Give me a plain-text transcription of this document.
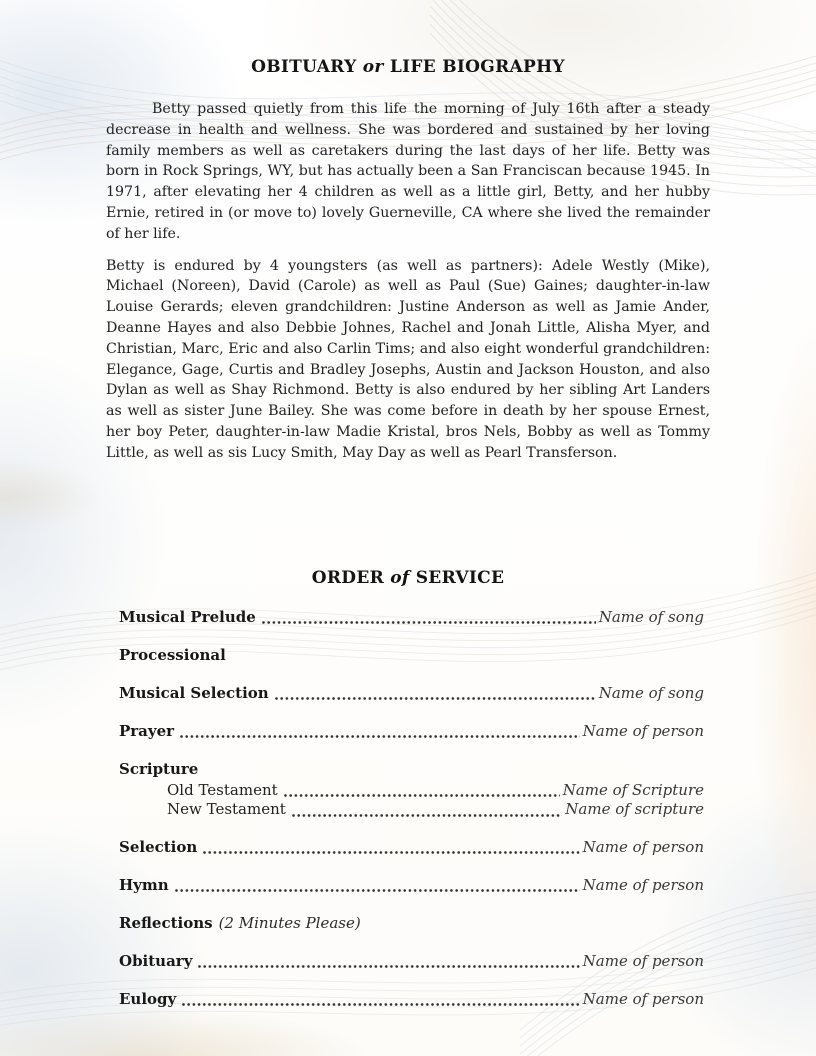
OBITUARY or LIFE BIOGRAPHY

Betty passed quietly from this life the morning of July 16th after a steady decrease in health and wellness. She was bordered and sustained by her loving family members as well as caretakers during the last days of her life. Betty was born in Rock Springs, WY, but has actually been a San Franciscan because 1945. In 1971, after elevating her 4 children as well as a little girl, Betty, and her hubby Ernie, retired in (or move to) lovely Guerneville, CA where she lived the remainder of her life.

Betty is endured by 4 youngsters (as well as partners): Adele Westly (Mike), Michael (Noreen), David (Carole) as well as Paul (Sue) Gaines; daughter-in-law Louise Gerards; eleven grandchildren: Justine Anderson as well as Jamie Ander, Deanne Hayes and also Debbie Johnes, Rachel and Jonah Little, Alisha Myer, and Christian, Marc, Eric and also Carlin Tims; and also eight wonderful grandchildren: Elegance, Gage, Curtis and Bradley Josephs, Austin and Jackson Houston, and also Dylan as well as Shay Richmond. Betty is also endured by her sibling Art Landers as well as sister June Bailey. She was come before in death by her spouse Ernest, her boy Peter, daughter-in-law Madie Kristal, bros Nels, Bobby as well as Tommy Little, as well as sis Lucy Smith, May Day as well as Pearl Transferson.

ORDER of SERVICE
Musical Prelude	Name of song
Processional
Musical Selection	Name of song
Prayer	Name of person
Scripture
Old Testament	Name of Scripture
New Testament	Name of scripture
Selection	Name of person
Hymn	Name of person
Reflections (2 Minutes Please)
Obituary	Name of person
Eulogy	Name of person
